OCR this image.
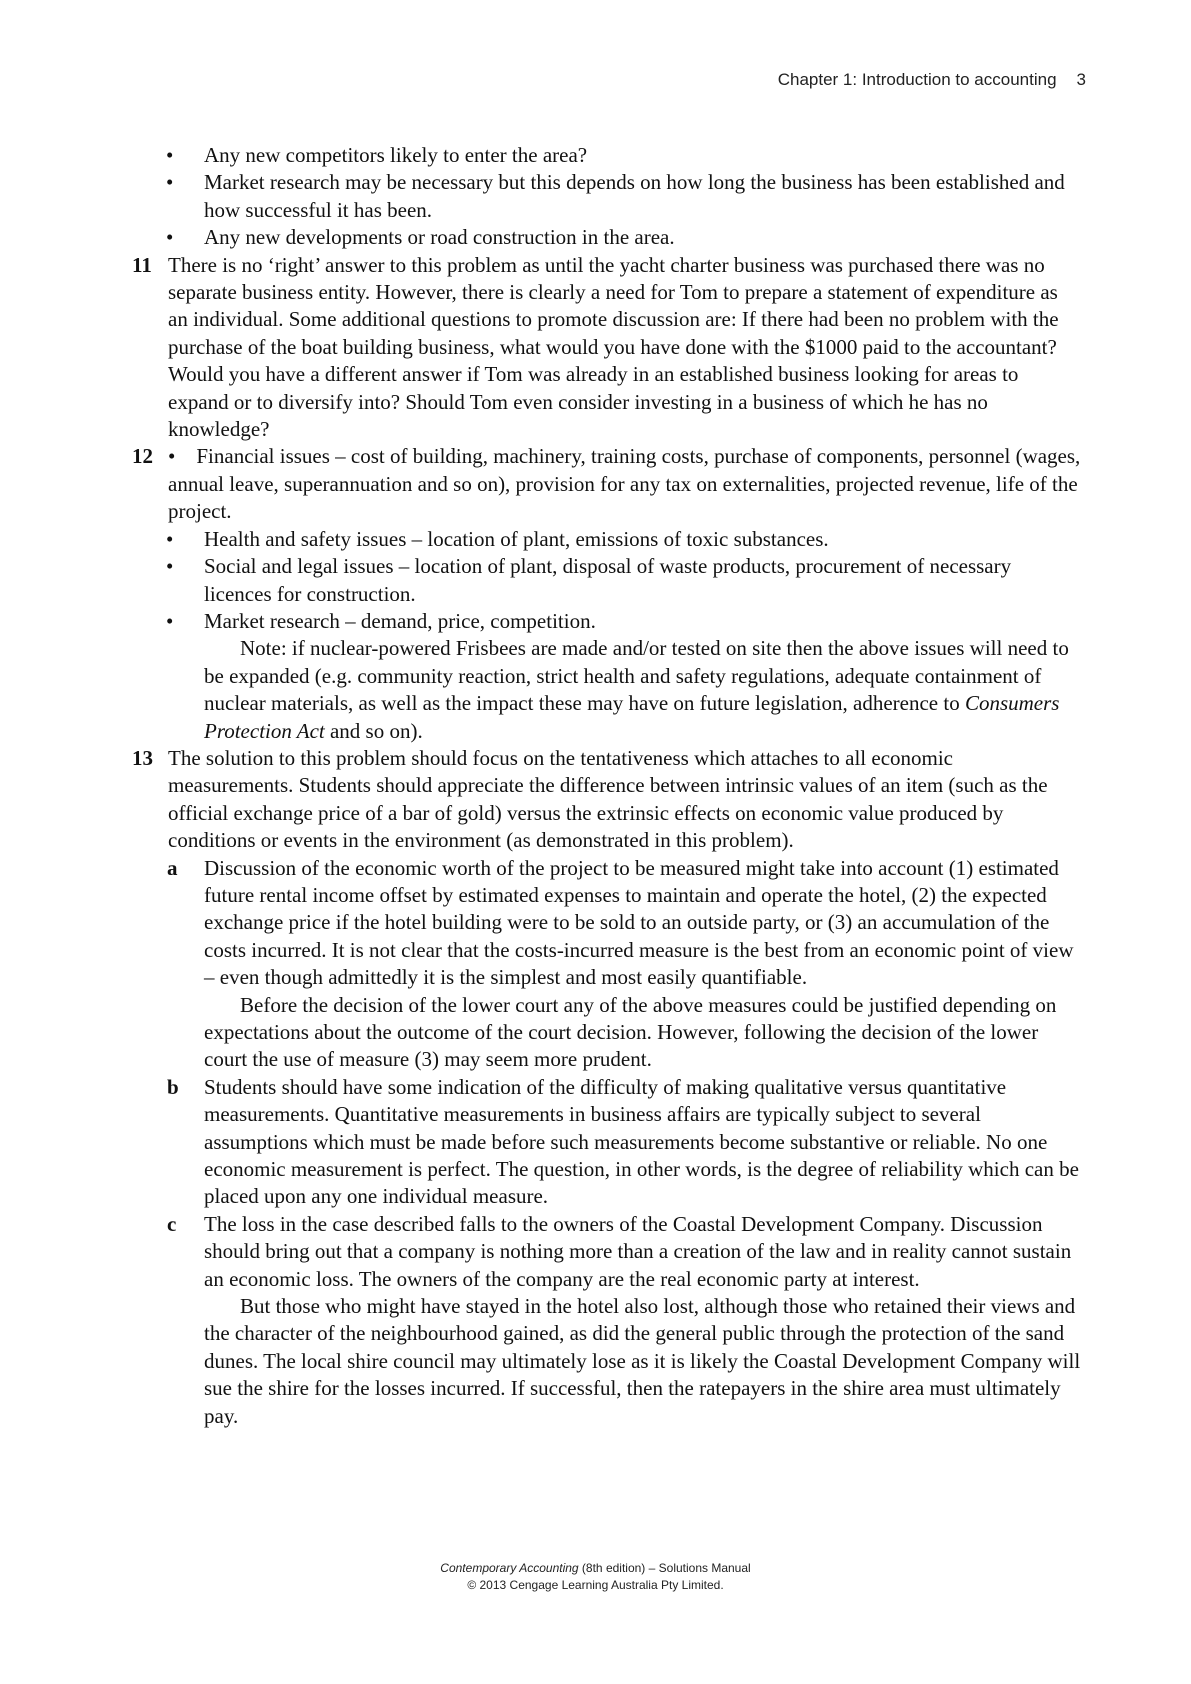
Chapter 1: Introduction to accounting 3
• Any new competitors likely to enter the area?
• Market research may be necessary but this depends on how long the business has been established and how successful it has been.
• Any new developments or road construction in the area.
11 There is no ‘right’ answer to this problem as until the yacht charter business was purchased there was no separate business entity. However, there is clearly a need for Tom to prepare a statement of expenditure as an individual. Some additional questions to promote discussion are: If there had been no problem with the purchase of the boat building business, what would you have done with the $1000 paid to the accountant? Would you have a different answer if Tom was already in an established business looking for areas to expand or to diversify into? Should Tom even consider investing in a business of which he has no knowledge?
12 • Financial issues – cost of building, machinery, training costs, purchase of components, personnel (wages, annual leave, superannuation and so on), provision for any tax on externalities, projected revenue, life of the project.
• Health and safety issues – location of plant, emissions of toxic substances.
• Social and legal issues – location of plant, disposal of waste products, procurement of necessary licences for construction.
• Market research – demand, price, competition.
Note: if nuclear-powered Frisbees are made and/or tested on site then the above issues will need to be expanded (e.g. community reaction, strict health and safety regulations, adequate containment of nuclear materials, as well as the impact these may have on future legislation, adherence to Consumers Protection Act and so on).
13 The solution to this problem should focus on the tentativeness which attaches to all economic measurements. Students should appreciate the difference between intrinsic values of an item (such as the official exchange price of a bar of gold) versus the extrinsic effects on economic value produced by conditions or events in the environment (as demonstrated in this problem).
a Discussion of the economic worth of the project to be measured might take into account (1) estimated future rental income offset by estimated expenses to maintain and operate the hotel, (2) the expected exchange price if the hotel building were to be sold to an outside party, or (3) an accumulation of the costs incurred. It is not clear that the costs-incurred measure is the best from an economic point of view – even though admittedly it is the simplest and most easily quantifiable.
Before the decision of the lower court any of the above measures could be justified depending on expectations about the outcome of the court decision. However, following the decision of the lower court the use of measure (3) may seem more prudent.
b Students should have some indication of the difficulty of making qualitative versus quantitative measurements. Quantitative measurements in business affairs are typically subject to several assumptions which must be made before such measurements become substantive or reliable. No one economic measurement is perfect. The question, in other words, is the degree of reliability which can be placed upon any one individual measure.
c The loss in the case described falls to the owners of the Coastal Development Company. Discussion should bring out that a company is nothing more than a creation of the law and in reality cannot sustain an economic loss. The owners of the company are the real economic party at interest.
But those who might have stayed in the hotel also lost, although those who retained their views and the character of the neighbourhood gained, as did the general public through the protection of the sand dunes. The local shire council may ultimately lose as it is likely the Coastal Development Company will sue the shire for the losses incurred. If successful, then the ratepayers in the shire area must ultimately pay.
Contemporary Accounting (8th edition) – Solutions Manual
© 2013 Cengage Learning Australia Pty Limited.
